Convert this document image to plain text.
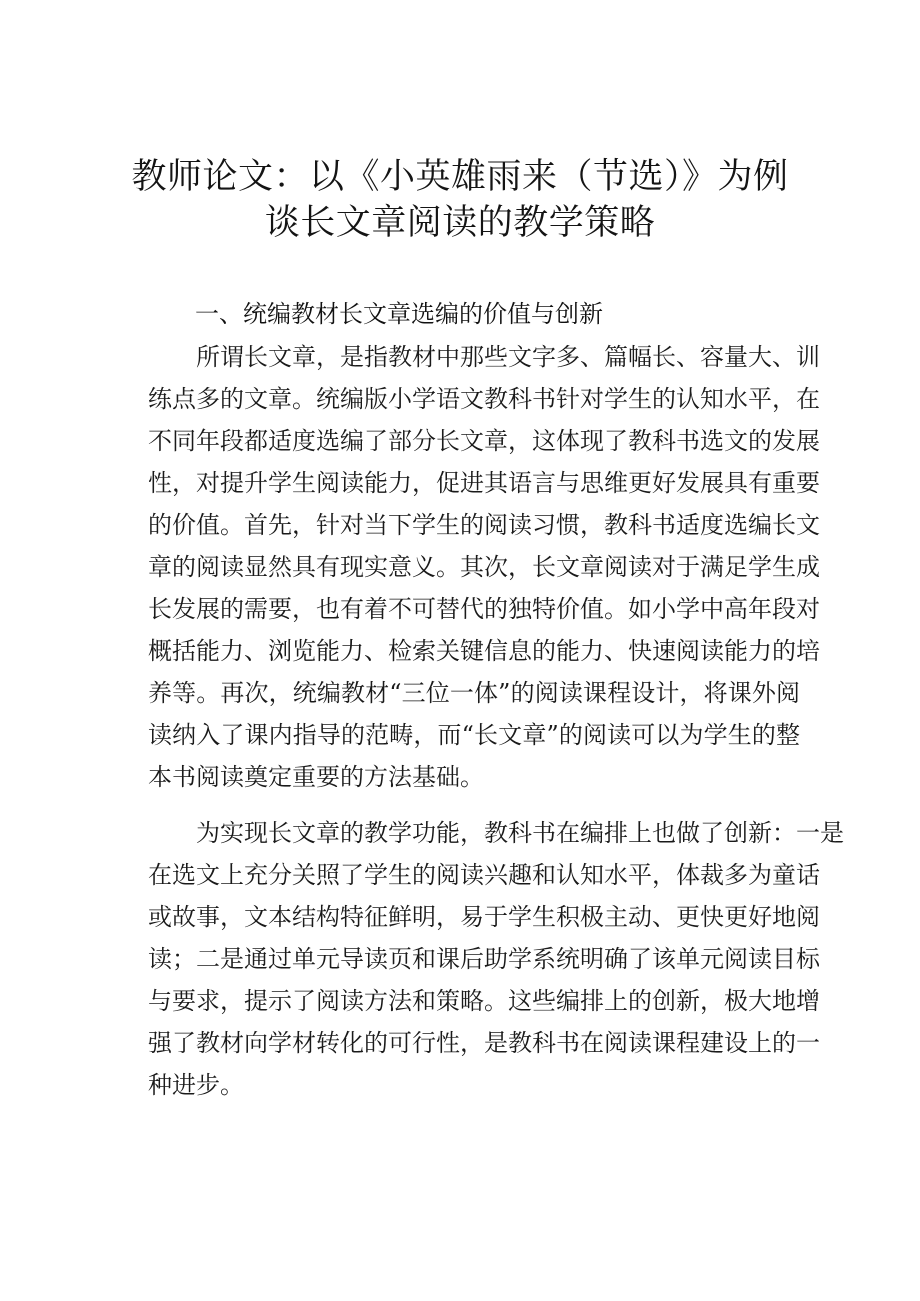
教师论文：以《小英雄雨来（节选）》为例
谈长文章阅读的教学策略
一、统编教材长文章选编的价值与创新
所谓长文章，是指教材中那些文字多、篇幅长、容量大、训
练点多的文章。统编版小学语文教科书针对学生的认知水平，在
不同年段都适度选编了部分长文章，这体现了教科书选文的发展
性，对提升学生阅读能力，促进其语言与思维更好发展具有重要
的价值。首先，针对当下学生的阅读习惯，教科书适度选编长文
章的阅读显然具有现实意义。其次，长文章阅读对于满足学生成
长发展的需要，也有着不可替代的独特价值。如小学中高年段对
概括能力、浏览能力、检索关键信息的能力、快速阅读能力的培
养等。再次，统编教材“三位一体”的阅读课程设计，将课外阅
读纳入了课内指导的范畴，而“长文章”的阅读可以为学生的整
本书阅读奠定重要的方法基础。
为实现长文章的教学功能，教科书在编排上也做了创新：一是
在选文上充分关照了学生的阅读兴趣和认知水平，体裁多为童话
或故事，文本结构特征鲜明，易于学生积极主动、更快更好地阅
读；二是通过单元导读页和课后助学系统明确了该单元阅读目标
与要求，提示了阅读方法和策略。这些编排上的创新，极大地增
强了教材向学材转化的可行性，是教科书在阅读课程建设上的一
种进步。
